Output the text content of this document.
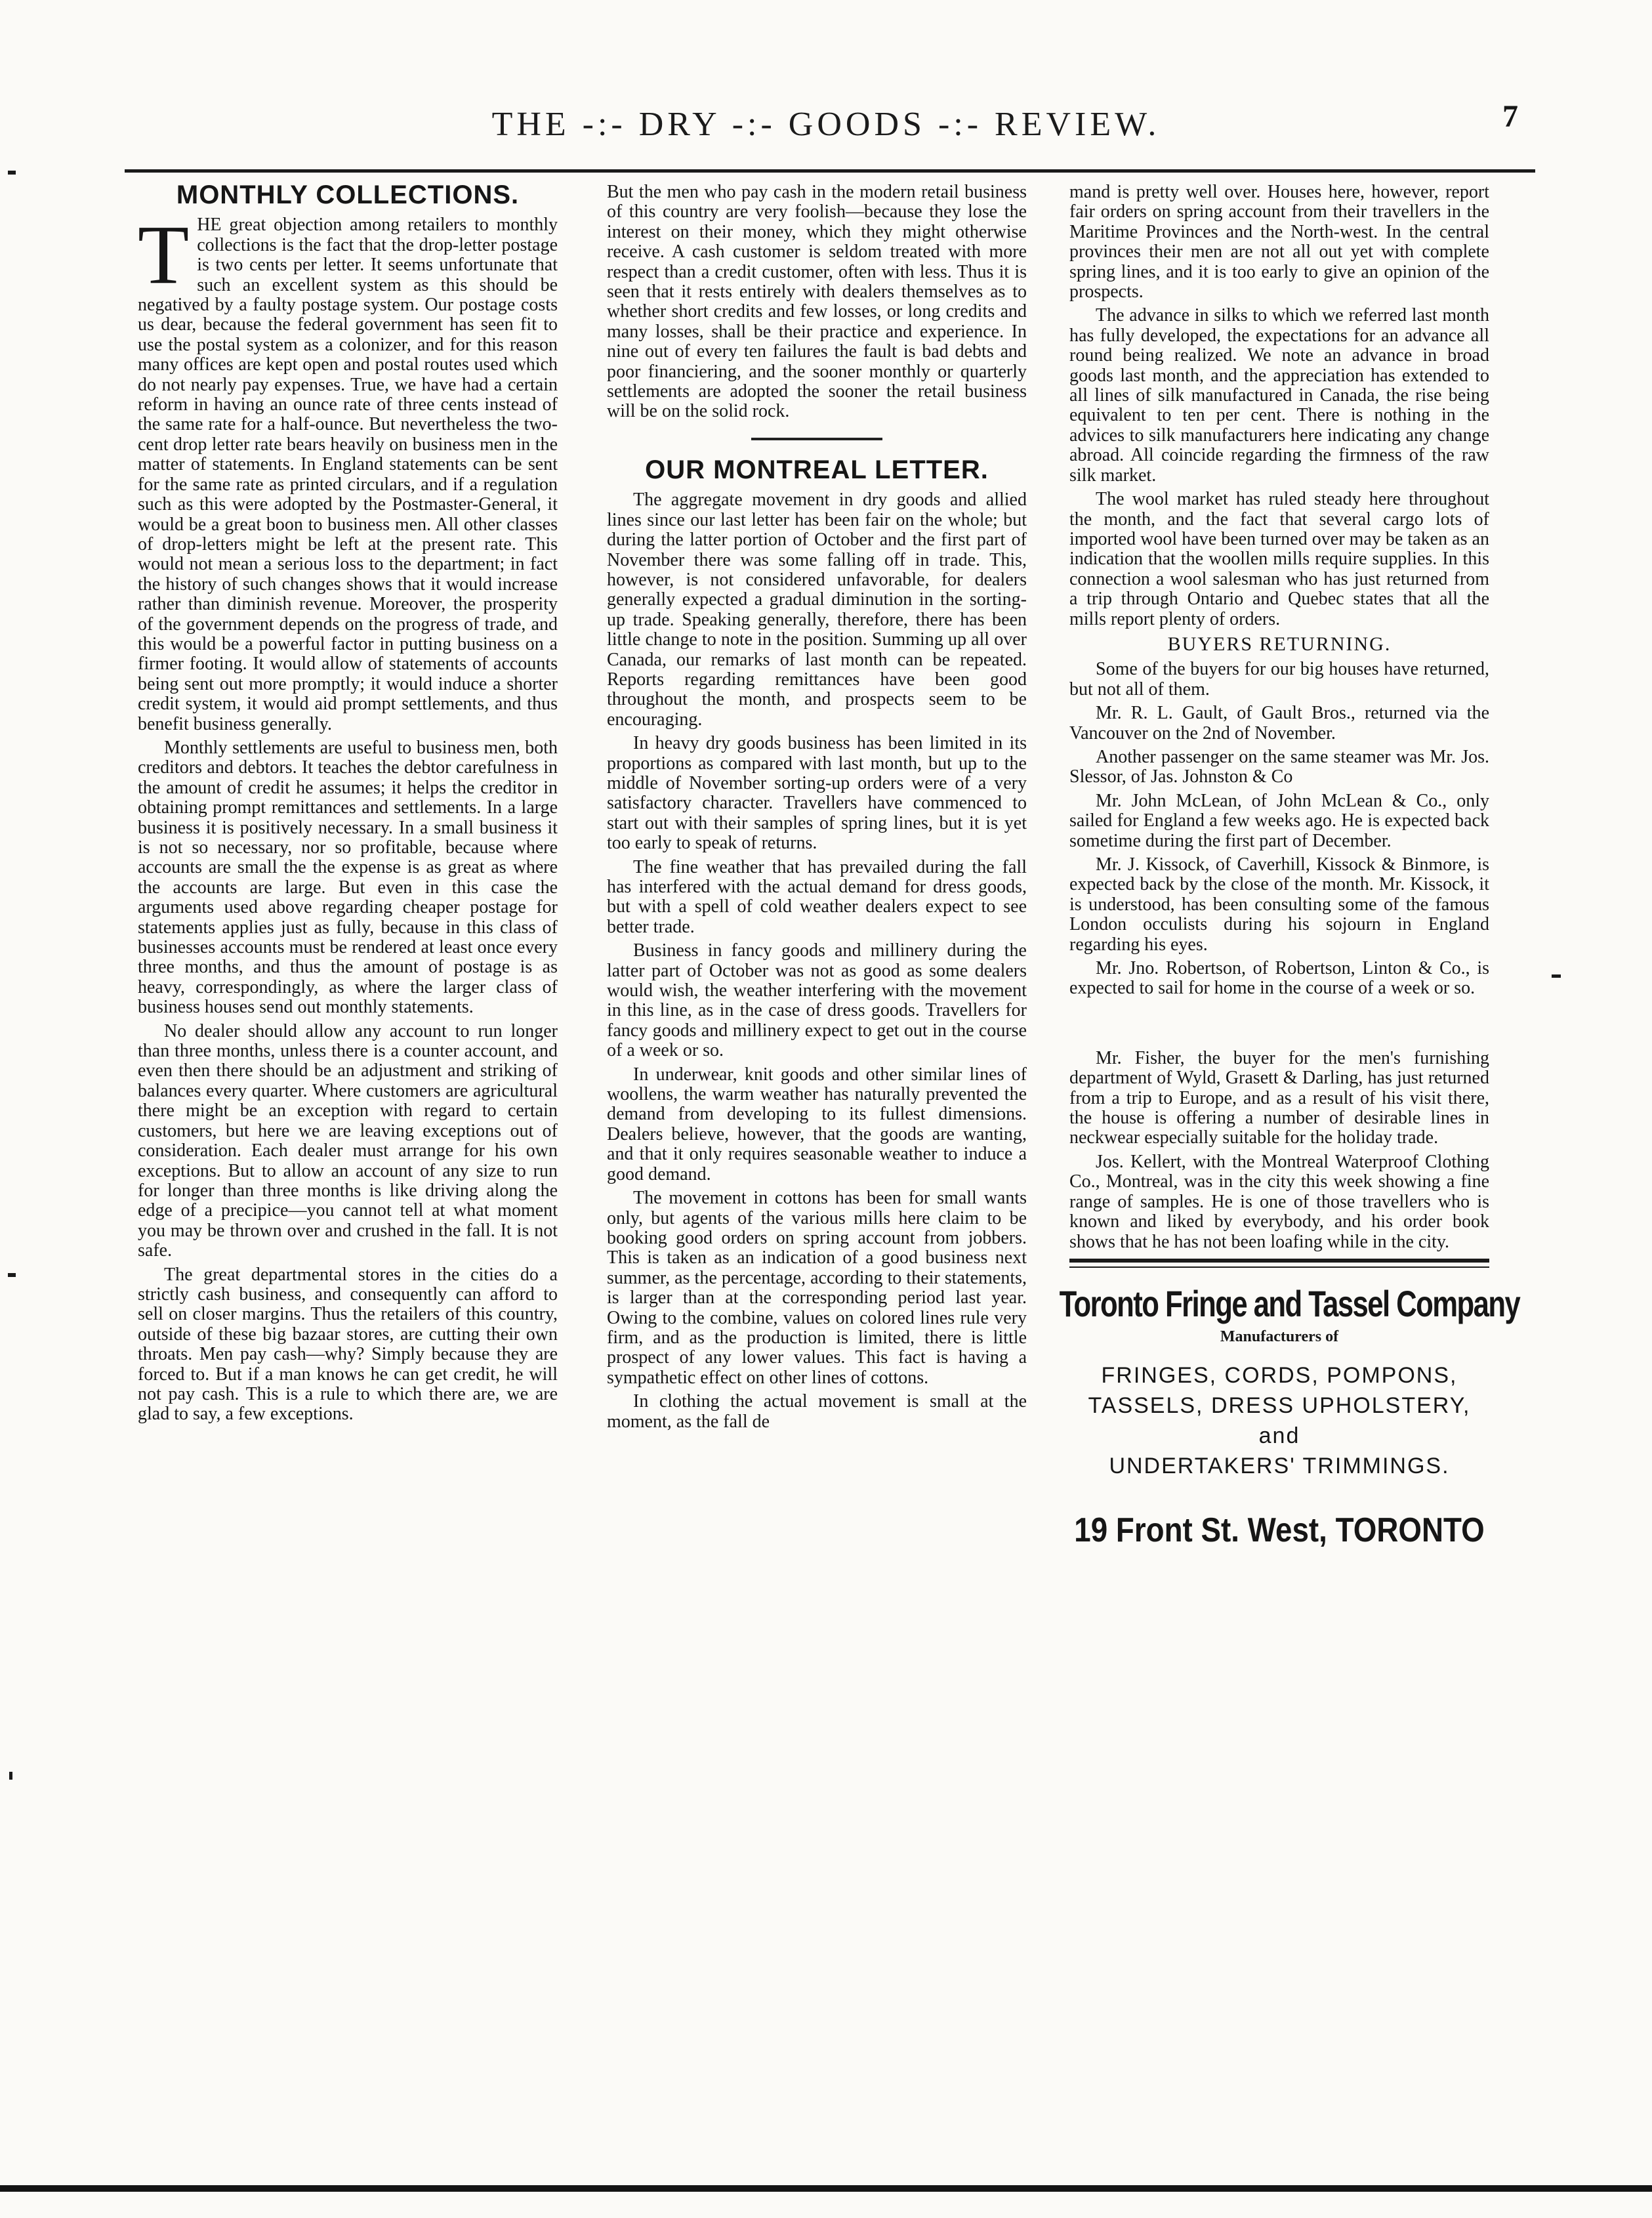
THE -:- DRY -:- GOODS -:- REVIEW.	7
MONTHLY COLLECTIONS.

THE great objection among retailers to monthly collections is the fact that the drop-letter postage is two cents per letter. It seems unfortunate that such an excellent system as this should be negatived by a faulty postage system. Our postage costs us dear, because the federal government has seen fit to use the postal system as a colonizer, and for this reason many offices are kept open and postal routes used which do not nearly pay expenses. True, we have had a certain reform in having an ounce rate of three cents instead of the same rate for a half-ounce. But nevertheless the two-cent drop letter rate bears heavily on business men in the matter of statements. In England statements can be sent for the same rate as printed circulars, and if a regulation such as this were adopted by the Postmaster-General, it would be a great boon to business men. All other classes of drop-letters might be left at the present rate. This would not mean a serious loss to the department; in fact the history of such changes shows that it would increase rather than diminish revenue. Moreover, the prosperity of the government depends on the progress of trade, and this would be a powerful factor in putting business on a firmer footing. It would allow of statements of accounts being sent out more promptly; it would induce a shorter credit system, it would aid prompt settlements, and thus benefit business generally.

Monthly settlements are useful to business men, both creditors and debtors. It teaches the debtor carefulness in the amount of credit he assumes; it helps the creditor in obtaining prompt remittances and settlements. In a large business it is positively necessary. In a small business it is not so necessary, nor so profitable, because where accounts are small the the expense is as great as where the accounts are large. But even in this case the arguments used above regarding cheaper postage for statements applies just as fully, because in this class of businesses accounts must be rendered at least once every three months, and thus the amount of postage is as heavy, correspondingly, as where the larger class of business houses send out monthly statements.

No dealer should allow any account to run longer than three months, unless there is a counter account, and even then there should be an adjustment and striking of balances every quarter. Where customers are agricultural there might be an exception with regard to certain customers, but here we are leaving exceptions out of consideration. Each dealer must arrange for his own exceptions. But to allow an account of any size to run for longer than three months is like driving along the edge of a precipice—you cannot tell at what moment you may be thrown over and crushed in the fall. It is not safe.

The great departmental stores in the cities do a strictly cash business, and consequently can afford to sell on closer margins. Thus the retailers of this country, outside of these big bazaar stores, are cutting their own throats. Men pay cash—why? Simply because they are forced to. But if a man knows he can get credit, he will not pay cash. This is a rule to which there are, we are glad to say, a few exceptions.

But the men who pay cash in the modern retail business of this country are very foolish—because they lose the interest on their money, which they might otherwise receive. A cash customer is seldom treated with more respect than a credit customer, often with less. Thus it is seen that it rests entirely with dealers themselves as to whether short credits and few losses, or long credits and many losses, shall be their practice and experience. In nine out of every ten failures the fault is bad debts and poor financiering, and the sooner monthly or quarterly settlements are adopted the sooner the retail business will be on the solid rock.

OUR MONTREAL LETTER.

The aggregate movement in dry goods and allied lines since our last letter has been fair on the whole; but during the latter portion of October and the first part of November there was some falling off in trade. This, however, is not considered unfavorable, for dealers generally expected a gradual diminution in the sorting-up trade. Speaking generally, therefore, there has been little change to note in the position. Summing up all over Canada, our remarks of last month can be repeated. Reports regarding remittances have been good throughout the month, and prospects seem to be encouraging.

In heavy dry goods business has been limited in its proportions as compared with last month, but up to the middle of November sorting-up orders were of a very satisfactory character. Travellers have commenced to start out with their samples of spring lines, but it is yet too early to speak of returns.

The fine weather that has prevailed during the fall has interfered with the actual demand for dress goods, but with a spell of cold weather dealers expect to see better trade.

Business in fancy goods and millinery during the latter part of October was not as good as some dealers would wish, the weather interfering with the movement in this line, as in the case of dress goods. Travellers for fancy goods and millinery expect to get out in the course of a week or so.

In underwear, knit goods and other similar lines of woollens, the warm weather has naturally prevented the demand from developing to its fullest dimensions. Dealers believe, however, that the goods are wanting, and that it only requires seasonable weather to induce a good demand.

The movement in cottons has been for small wants only, but agents of the various mills here claim to be booking good orders on spring account from jobbers. This is taken as an indication of a good business next summer, as the percentage, according to their statements, is larger than at the corresponding period last year. Owing to the combine, values on colored lines rule very firm, and as the production is limited, there is little prospect of any lower values. This fact is having a sympathetic effect on other lines of cottons.

In clothing the actual movement is small at the moment, as the fall de

mand is pretty well over. Houses here, however, report fair orders on spring account from their travellers in the Maritime Provinces and the North-west. In the central provinces their men are not all out yet with complete spring lines, and it is too early to give an opinion of the prospects.

The advance in silks to which we referred last month has fully developed, the expectations for an advance all round being realized. We note an advance in broad goods last month, and the appreciation has extended to all lines of silk manufactured in Canada, the rise being equivalent to ten per cent. There is nothing in the advices to silk manufacturers here indicating any change abroad. All coincide regarding the firmness of the raw silk market.

The wool market has ruled steady here throughout the month, and the fact that several cargo lots of imported wool have been turned over may be taken as an indication that the woollen mills require supplies. In this connection a wool salesman who has just returned from a trip through Ontario and Quebec states that all the mills report plenty of orders.

BUYERS RETURNING.

Some of the buyers for our big houses have returned, but not all of them.

Mr. R. L. Gault, of Gault Bros., returned via the Vancouver on the 2nd of November.

Another passenger on the same steamer was Mr. Jos. Slessor, of Jas. Johnston & Co

Mr. John McLean, of John McLean & Co., only sailed for England a few weeks ago. He is expected back sometime during the first part of December.

Mr. J. Kissock, of Caverhill, Kissock & Binmore, is expected back by the close of the month. Mr. Kissock, it is understood, has been consulting some of the famous London occulists during his sojourn in England regarding his eyes.

Mr. Jno. Robertson, of Robertson, Linton & Co., is expected to sail for home in the course of a week or so.

Mr. Fisher, the buyer for the men's furnishing department of Wyld, Grasett & Darling, has just returned from a trip to Europe, and as a result of his visit there, the house is offering a number of desirable lines in neckwear especially suitable for the holiday trade.

Jos. Kellert, with the Montreal Waterproof Clothing Co., Montreal, was in the city this week showing a fine range of samples. He is one of those travellers who is known and liked by everybody, and his order book shows that he has not been loafing while in the city.

Toronto Fringe and Tassel Company
Manufacturers of
FRINGES, CORDS, POMPONS,
TASSELS, DRESS UPHOLSTERY, and
UNDERTAKERS' TRIMMINGS.
19 Front St. West, TORONTO
